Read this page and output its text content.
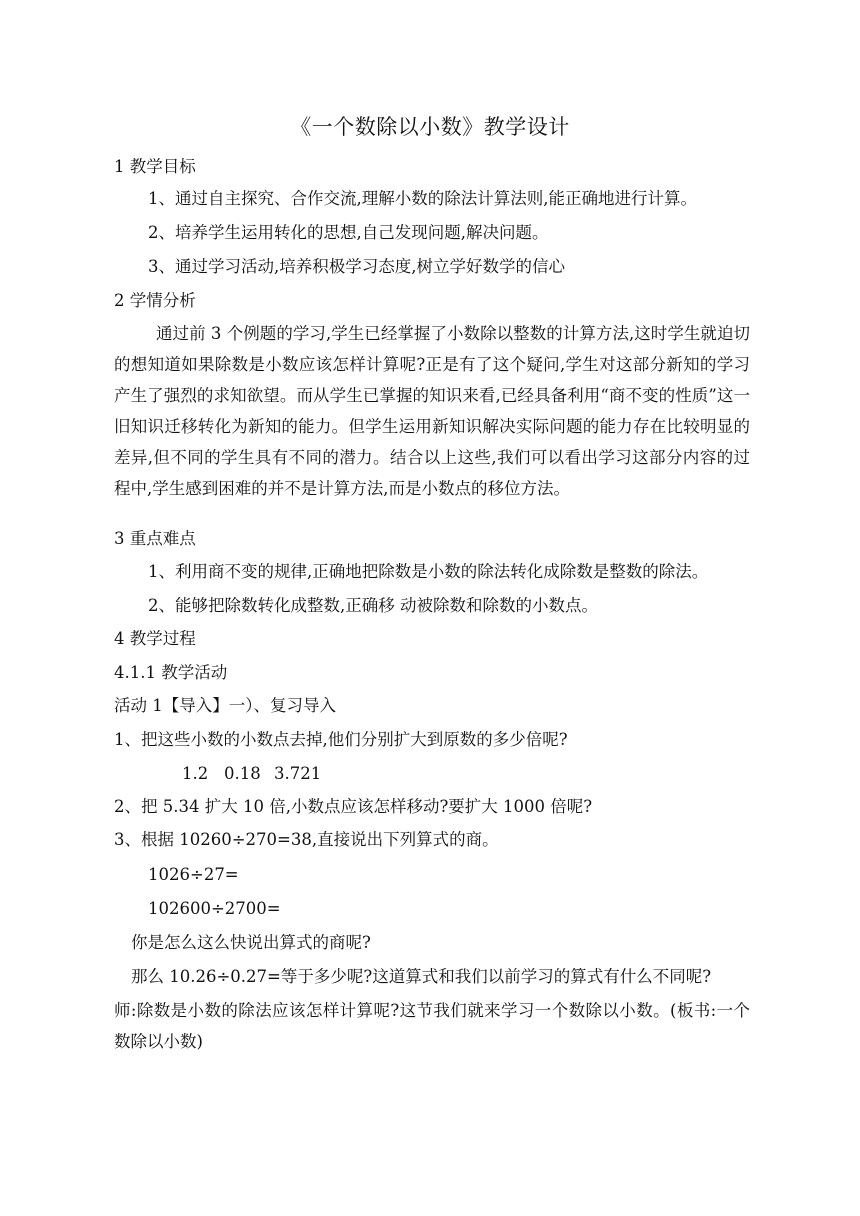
《一个数除以小数》教学设计
1 教学目标
1、通过自主探究、合作交流,理解小数的除法计算法则,能正确地进行计算。
2、培养学生运用转化的思想,自己发现问题,解决问题。
3、通过学习活动,培养积极学习态度,树立学好数学的信心
2 学情分析
通过前 3 个例题的学习,学生已经掌握了小数除以整数的计算方法,这时学生就迫切的想知道如果除数是小数应该怎样计算呢?正是有了这个疑问,学生对这部分新知的学习产生了强烈的求知欲望。而从学生已掌握的知识来看,已经具备利用“商不变的性质”这一旧知识迁移转化为新知的能力。但学生运用新知识解决实际问题的能力存在比较明显的差异,但不同的学生具有不同的潜力。结合以上这些,我们可以看出学习这部分内容的过程中,学生感到困难的并不是计算方法,而是小数点的移位方法。
3 重点难点
1、利用商不变的规律,正确地把除数是小数的除法转化成除数是整数的除法。
2、能够把除数转化成整数,正确移 动被除数和除数的小数点。
4 教学过程
4.1.1 教学活动
活动 1【导入】一）、复习导入
1、把这些小数的小数点去掉,他们分别扩大到原数的多少倍呢?
1.2 0.18 3.721
2、把 5.34 扩大 10 倍,小数点应该怎样移动?要扩大 1000 倍呢?
3、根据 10260÷270=38,直接说出下列算式的商。
1026÷27=
102600÷2700=
你是怎么这么快说出算式的商呢?
那么 10.26÷0.27=等于多少呢?这道算式和我们以前学习的算式有什么不同呢?
师:除数是小数的除法应该怎样计算呢?这节我们就来学习一个数除以小数。(板书:一个数除以小数)
